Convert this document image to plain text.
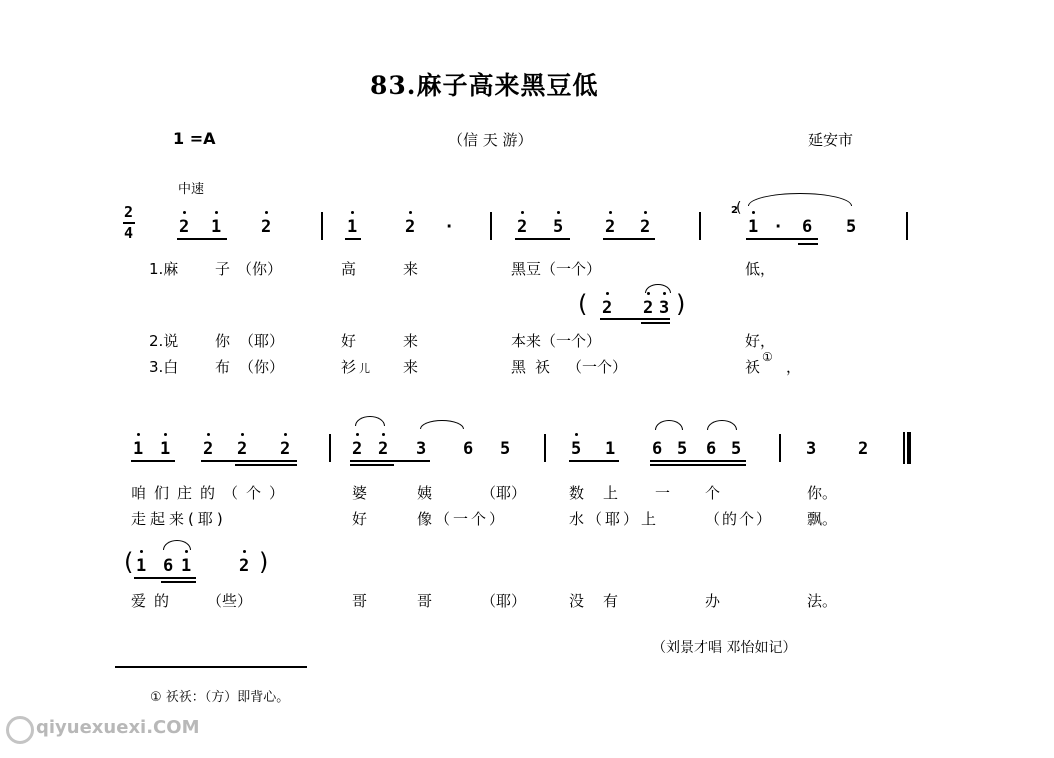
83.麻子高来黑豆低
1 =A	（信 天 游）	延安市
中速
2
4	2 1 2	1	2 ·	2 5 2 2
2
(
1 · 6 5
1.麻 子 （你）	高	来	黑豆（一个）	低，
( 2 2 3 )
2.说 你 （耶）	好	来	本来（一个）	好，
3.白 布 （你）	衫 儿 来	黑 祅 （一个）	祅
①
，
1 1 2 2 2	2 2 3 6 5	5 1 6 5 6 5	3 2
咱们庄的（个）	婆	姨	（耶）	数 上 一 个	你。
走起来(耶)	好	像（一个）	水（耶）上	（的个） 飘。
( 1 6 1	2 )
爱的 （些）	哥	哥	（耶）	没 有	办	法。
（刘景才唱 邓怡如记）
① 祅祅：（方）即背心。
qiyuexuexi.COM
